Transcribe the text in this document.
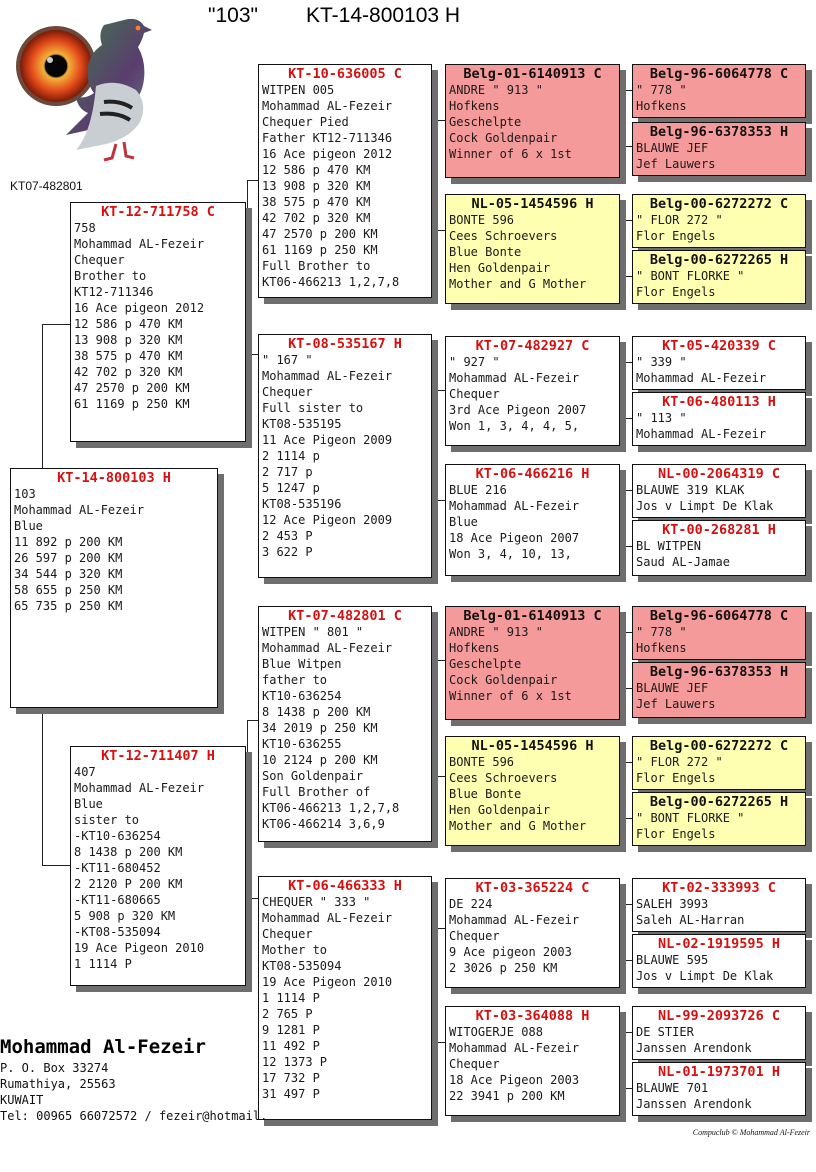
"103" KT-14-800103 H
KT07-482801
KT-14-800103 H
103
Mohammad AL-Fezeir
Blue
11 892 p 200 KM
26 597 p 200 KM
34 544 p 320 KM
58 655 p 250 KM
65 735 p 250 KM
KT-12-711758 C
758
Mohammad AL-Fezeir
Chequer
Brother to
KT12-711346
16 Ace pigeon 2012
12 586 p 470 KM
13 908 p 320 KM
38 575 p 470 KM
42 702 p 320 KM
47 2570 p 200 KM
61 1169 p 250 KM
KT-12-711407 H
407
Mohammad AL-Fezeir
Blue
sister to
-KT10-636254
8 1438 p 200 KM
-KT11-680452
2 2120 P 200 KM
-KT11-680665
5 908 p 320 KM
-KT08-535094
19 Ace Pigeon 2010
1 1114 P
KT-10-636005 C
WITPEN 005
Mohammad AL-Fezeir
Chequer Pied
Father KT12-711346
16 Ace pigeon 2012
12 586 p 470 KM
13 908 p 320 KM
38 575 p 470 KM
42 702 p 320 KM
47 2570 p 200 KM
61 1169 p 250 KM
Full Brother to
KT06-466213 1,2,7,8
KT-08-535167 H
" 167 "
Mohammad AL-Fezeir
Chequer
Full sister to
KT08-535195
11 Ace Pigeon 2009
2 1114 p
2 717 p
5 1247 p
KT08-535196
12 Ace Pigeon 2009
2 453 P
3 622 P
KT-07-482801 C
WITPEN " 801 "
Mohammad AL-Fezeir
Blue Witpen
father to
KT10-636254
8 1438 p 200 KM
34 2019 p 250 KM
KT10-636255
10 2124 p 200 KM
Son Goldenpair
Full Brother of
KT06-466213 1,2,7,8
KT06-466214 3,6,9
KT-06-466333 H
CHEQUER " 333 "
Mohammad AL-Fezeir
Chequer
Mother to
KT08-535094
19 Ace Pigeon 2010
1 1114 P
2 765 P
9 1281 P
11 492 P
12 1373 P
17 732 P
31 497 P
Belg-01-6140913 C
ANDRE " 913 "
Hofkens
Geschelpte
Cock Goldenpair
Winner of 6 x 1st
NL-05-1454596 H
BONTE 596
Cees Schroevers
Blue Bonte
Hen Goldenpair
Mother and G Mother
KT-07-482927 C
" 927 "
Mohammad AL-Fezeir
Chequer
3rd Ace Pigeon 2007
Won 1, 3, 4, 4, 5,
KT-06-466216 H
BLUE 216
Mohammad AL-Fezeir
Blue
18 Ace Pigeon 2007
Won 3, 4, 10, 13,
Belg-01-6140913 C
ANDRE " 913 "
Hofkens
Geschelpte
Cock Goldenpair
Winner of 6 x 1st
NL-05-1454596 H
BONTE 596
Cees Schroevers
Blue Bonte
Hen Goldenpair
Mother and G Mother
KT-03-365224 C
DE 224
Mohammad AL-Fezeir
Chequer
9 Ace pigeon 2003
2 3026 p 250 KM
KT-03-364088 H
WITOGERJE 088
Mohammad AL-Fezeir
Chequer
18 Ace Pigeon 2003
22 3941 p 200 KM
Belg-96-6064778 C
" 778 "
Hofkens
Belg-96-6378353 H
BLAUWE JEF
Jef Lauwers
Belg-00-6272272 C
" FLOR 272 "
Flor Engels
Belg-00-6272265 H
" BONT FLORKE "
Flor Engels
KT-05-420339 C
" 339 "
Mohammad AL-Fezeir
KT-06-480113 H
" 113 "
Mohammad AL-Fezeir
NL-00-2064319 C
BLAUWE 319 KLAK
Jos v Limpt De Klak
KT-00-268281 H
BL WITPEN
Saud AL-Jamae
Belg-96-6064778 C
" 778 "
Hofkens
Belg-96-6378353 H
BLAUWE JEF
Jef Lauwers
Belg-00-6272272 C
" FLOR 272 "
Flor Engels
Belg-00-6272265 H
" BONT FLORKE "
Flor Engels
KT-02-333993 C
SALEH 3993
Saleh AL-Harran
NL-02-1919595 H
BLAUWE 595
Jos v Limpt De Klak
NL-99-2093726 C
DE STIER
Janssen Arendonk
NL-01-1973701 H
BLAUWE 701
Janssen Arendonk
Mohammad Al-Fezeir
P. O. Box 33274
Rumathiya, 25563
KUWAIT
Tel: 00965 66072572 / fezeir@hotmail.
Compuclub © Mohammad Al-Fezeir
